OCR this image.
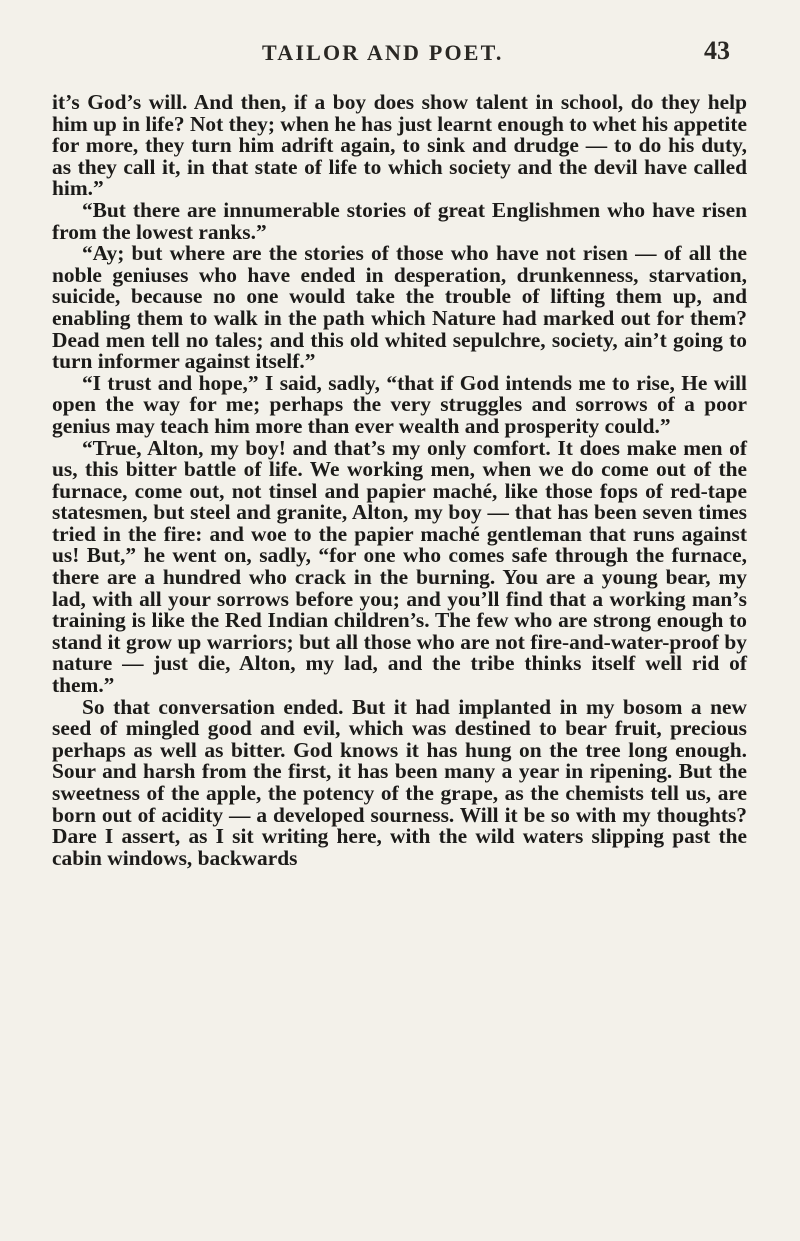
TAILOR AND POET.	43

it’s God’s will. And then, if a boy does show talent in school, do they help him up in life? Not they; when he has just learnt enough to whet his appetite for more, they turn him adrift again, to sink and drudge — to do his duty, as they call it, in that state of life to which society and the devil have called him.”

“But there are innumerable stories of great Englishmen who have risen from the lowest ranks.”

“Ay; but where are the stories of those who have not risen — of all the noble geniuses who have ended in desperation, drunkenness, starvation, suicide, because no one would take the trouble of lifting them up, and enabling them to walk in the path which Nature had marked out for them? Dead men tell no tales; and this old whited sepulchre, society, ain’t going to turn informer against itself.”

“I trust and hope,” I said, sadly, “that if God intends me to rise, He will open the way for me; perhaps the very struggles and sorrows of a poor genius may teach him more than ever wealth and prosperity could.”

“True, Alton, my boy! and that’s my only comfort. It does make men of us, this bitter battle of life. We working men, when we do come out of the furnace, come out, not tinsel and papier maché, like those fops of red-tape statesmen, but steel and granite, Alton, my boy — that has been seven times tried in the fire: and woe to the papier maché gentleman that runs against us! But,” he went on, sadly, “for one who comes safe through the furnace, there are a hundred who crack in the burning. You are a young bear, my lad, with all your sorrows before you; and you’ll find that a working man’s training is like the Red Indian children’s. The few who are strong enough to stand it grow up warriors; but all those who are not fire-and-water-proof by nature — just die, Alton, my lad, and the tribe thinks itself well rid of them.”

So that conversation ended. But it had implanted in my bosom a new seed of mingled good and evil, which was destined to bear fruit, precious perhaps as well as bitter. God knows it has hung on the tree long enough. Sour and harsh from the first, it has been many a year in ripening. But the sweetness of the apple, the potency of the grape, as the chemists tell us, are born out of acidity — a developed sourness. Will it be so with my thoughts? Dare I assert, as I sit writing here, with the wild waters slipping past the cabin windows, backwards
